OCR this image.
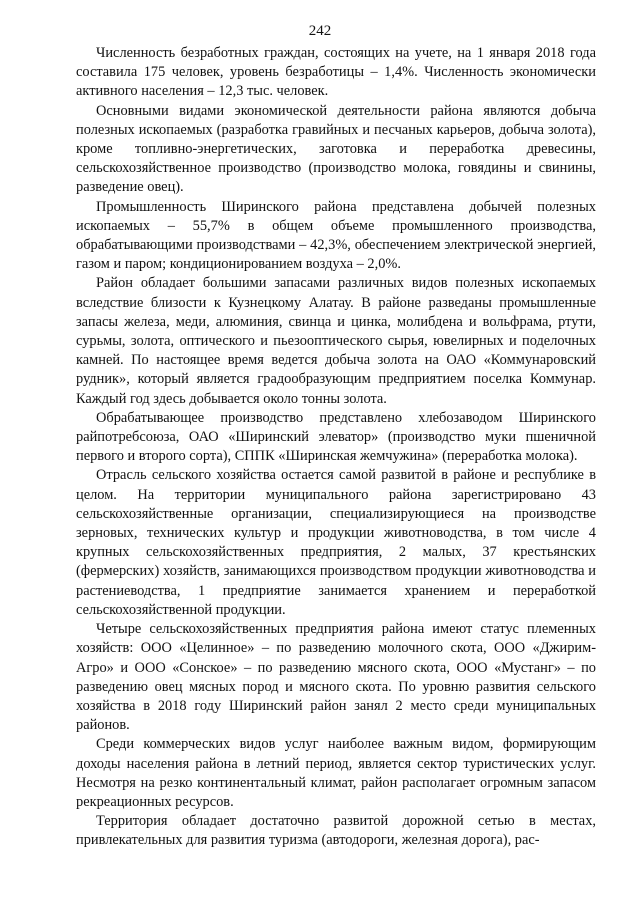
242

Численность безработных граждан, состоящих на учете, на 1 января 2018 года составила 175 человек, уровень безработицы – 1,4%. Численность экономически активного населения – 12,3 тыс. человек.

Основными видами экономической деятельности района являются добыча полезных ископаемых (разработка гравийных и песчаных карьеров, добыча золота), кроме топливно-энергетических, заготовка и переработка древесины, сельскохозяйственное производство (производство молока, говядины и свинины, разведение овец).

Промышленность Ширинского района представлена добычей полезных ископаемых – 55,7% в общем объеме промышленного производства, обрабатывающими производствами – 42,3%, обеспечением электрической энергией, газом и паром; кондиционированием воздуха – 2,0%.

Район обладает большими запасами различных видов полезных ископаемых вследствие близости к Кузнецкому Алатау. В районе разведаны промышленные запасы железа, меди, алюминия, свинца и цинка, молибдена и вольфрама, ртути, сурьмы, золота, оптического и пьезооптического сырья, ювелирных и поделочных камней. По настоящее время ведется добыча золота на ОАО «Коммунаровский рудник», который является градообразующим предприятием поселка Коммунар. Каждый год здесь добывается около тонны золота.

Обрабатывающее производство представлено хлебозаводом Ширинского райпотребсоюза, ОАО «Ширинский элеватор» (производство муки пшеничной первого и второго сорта), СППК «Ширинская жемчужина» (переработка молока).

Отрасль сельского хозяйства остается самой развитой в районе и республике в целом. На территории муниципального района зарегистрировано 43 сельскохозяйственные организации, специализирующиеся на производстве зерновых, технических культур и продукции животноводства, в том числе 4 крупных сельскохозяйственных предприятия, 2 малых, 37 крестьянских (фермерских) хозяйств, занимающихся производством продукции животноводства и растениеводства, 1 предприятие занимается хранением и переработкой сельскохозяйственной продукции.

Четыре сельскохозяйственных предприятия района имеют статус племенных хозяйств: ООО «Целинное» – по разведению молочного скота, ООО «Джирим-Агро» и ООО «Сонское» – по разведению мясного скота, ООО «Мустанг» – по разведению овец мясных пород и мясного скота. По уровню развития сельского хозяйства в 2018 году Ширинский район занял 2 место среди муниципальных районов.

Среди коммерческих видов услуг наиболее важным видом, формирующим доходы населения района в летний период, является сектор туристических услуг. Несмотря на резко континентальный климат, район располагает огромным запасом рекреационных ресурсов.

Территория обладает достаточно развитой дорожной сетью в местах, привлекательных для развития туризма (автодороги, железная дорога), рас-
